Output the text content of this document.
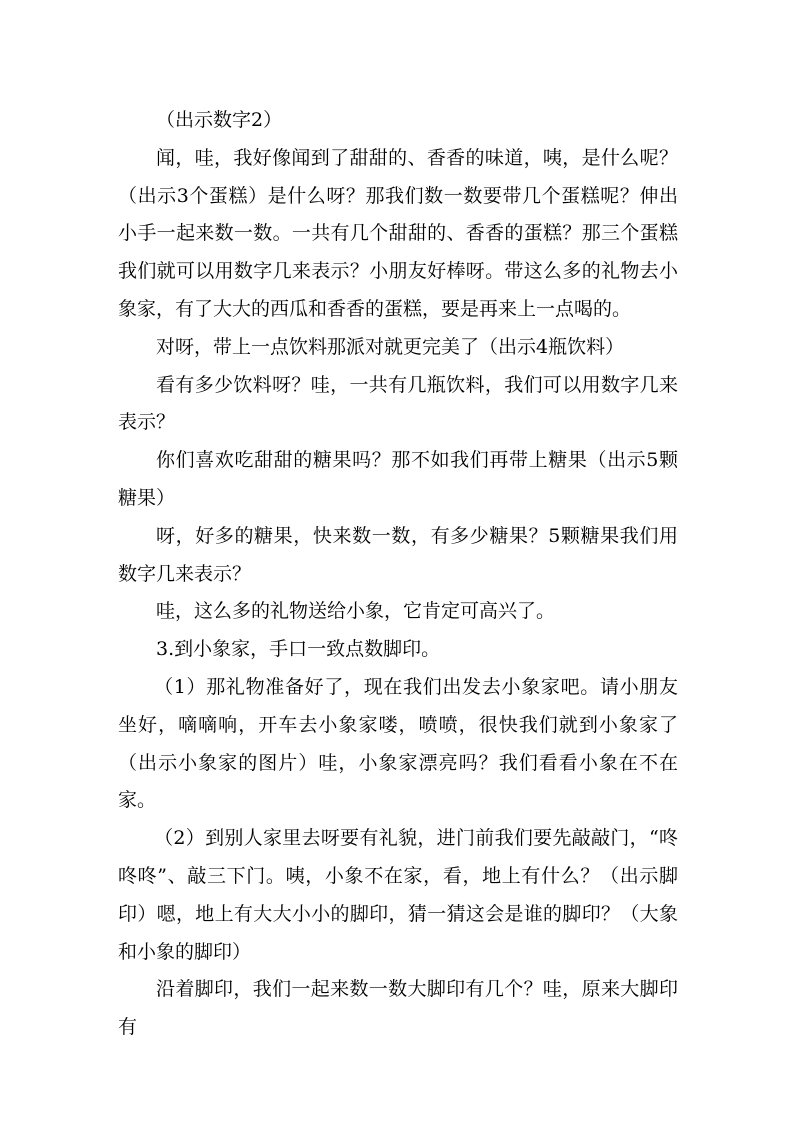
（出示数字2）

闻，哇，我好像闻到了甜甜的、香香的味道，咦，是什么呢？（出示3个蛋糕）是什么呀？那我们数一数要带几个蛋糕呢？伸出小手一起来数一数。一共有几个甜甜的、香香的蛋糕？那三个蛋糕我们就可以用数字几来表示？小朋友好棒呀。带这么多的礼物去小象家，有了大大的西瓜和香香的蛋糕，要是再来上一点喝的。

对呀，带上一点饮料那派对就更完美了（出示4瓶饮料）

看有多少饮料呀？哇，一共有几瓶饮料，我们可以用数字几来表示？

你们喜欢吃甜甜的糖果吗？那不如我们再带上糖果（出示5颗糖果）

呀，好多的糖果，快来数一数，有多少糖果？5颗糖果我们用数字几来表示？

哇，这么多的礼物送给小象，它肯定可高兴了。

3.到小象家，手口一致点数脚印。

（1）那礼物准备好了，现在我们出发去小象家吧。请小朋友坐好，嘀嘀响，开车去小象家喽，喷喷，很快我们就到小象家了（出示小象家的图片）哇，小象家漂亮吗？我们看看小象在不在家。

（2）到别人家里去呀要有礼貌，进门前我们要先敲敲门，“咚咚咚”、敲三下门。咦，小象不在家，看，地上有什么？（出示脚印）嗯，地上有大大小小的脚印，猜一猜这会是谁的脚印？（大象和小象的脚印）

沿着脚印，我们一起来数一数大脚印有几个？哇，原来大脚印有
